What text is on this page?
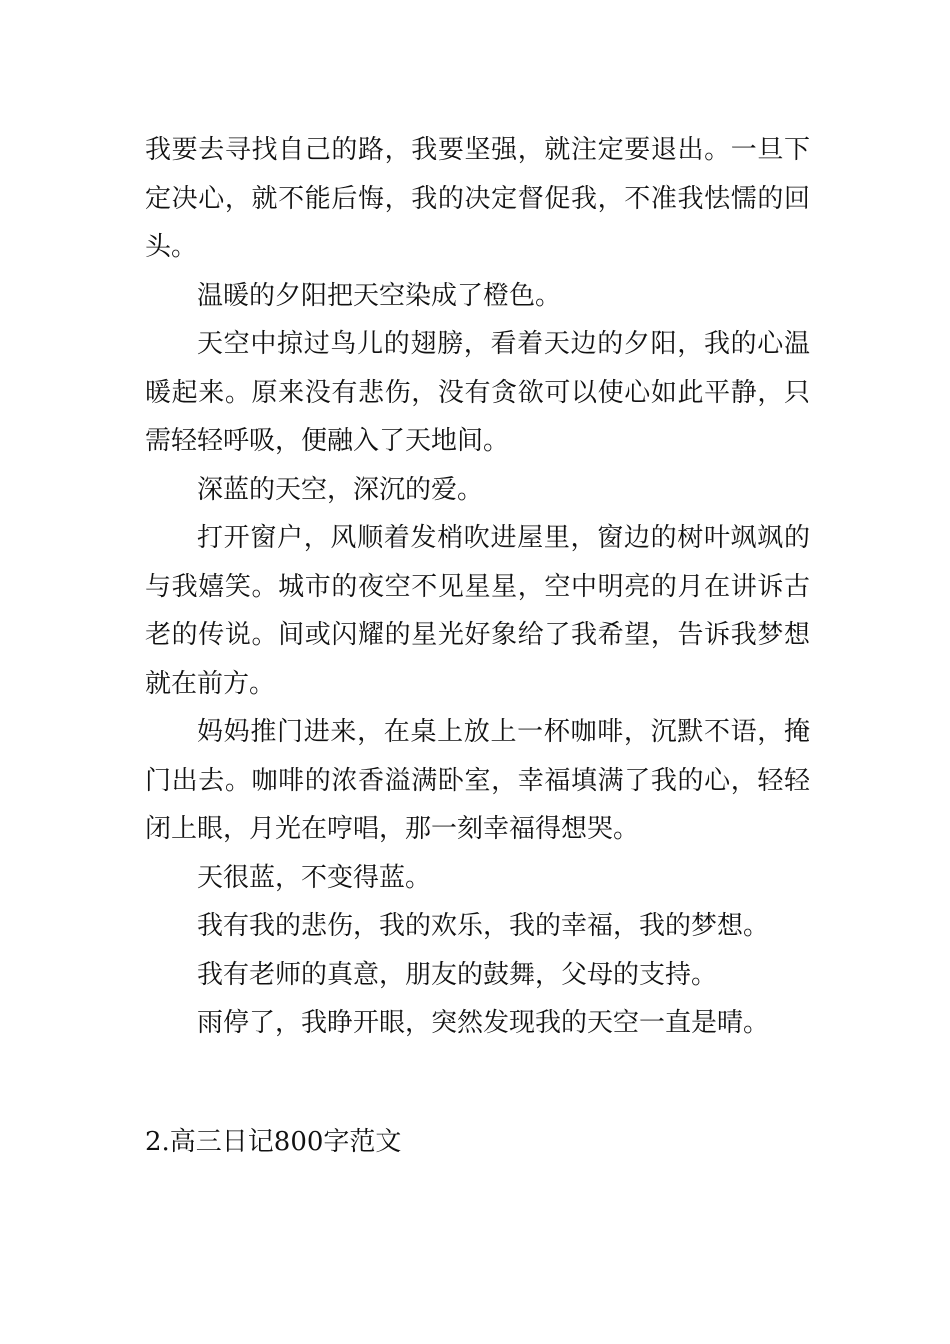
我要去寻找自己的路，我要坚强，就注定要退出。一旦下定决心，就不能后悔，我的决定督促我，不准我怯懦的回头。

温暖的夕阳把天空染成了橙色。

天空中掠过鸟儿的翅膀，看着天边的夕阳，我的心温暖起来。原来没有悲伤，没有贪欲可以使心如此平静，只需轻轻呼吸，便融入了天地间。

深蓝的天空，深沉的爱。

打开窗户，风顺着发梢吹进屋里，窗边的树叶飒飒的与我嬉笑。城市的夜空不见星星，空中明亮的月在讲诉古老的传说。间或闪耀的星光好象给了我希望，告诉我梦想就在前方。

妈妈推门进来，在桌上放上一杯咖啡，沉默不语，掩门出去。咖啡的浓香溢满卧室，幸福填满了我的心，轻轻闭上眼，月光在哼唱，那一刻幸福得想哭。

天很蓝，不变得蓝。

我有我的悲伤，我的欢乐，我的幸福，我的梦想。

我有老师的真意，朋友的鼓舞，父母的支持。

雨停了，我睁开眼，突然发现我的天空一直是晴。

2.高三日记800字范文
